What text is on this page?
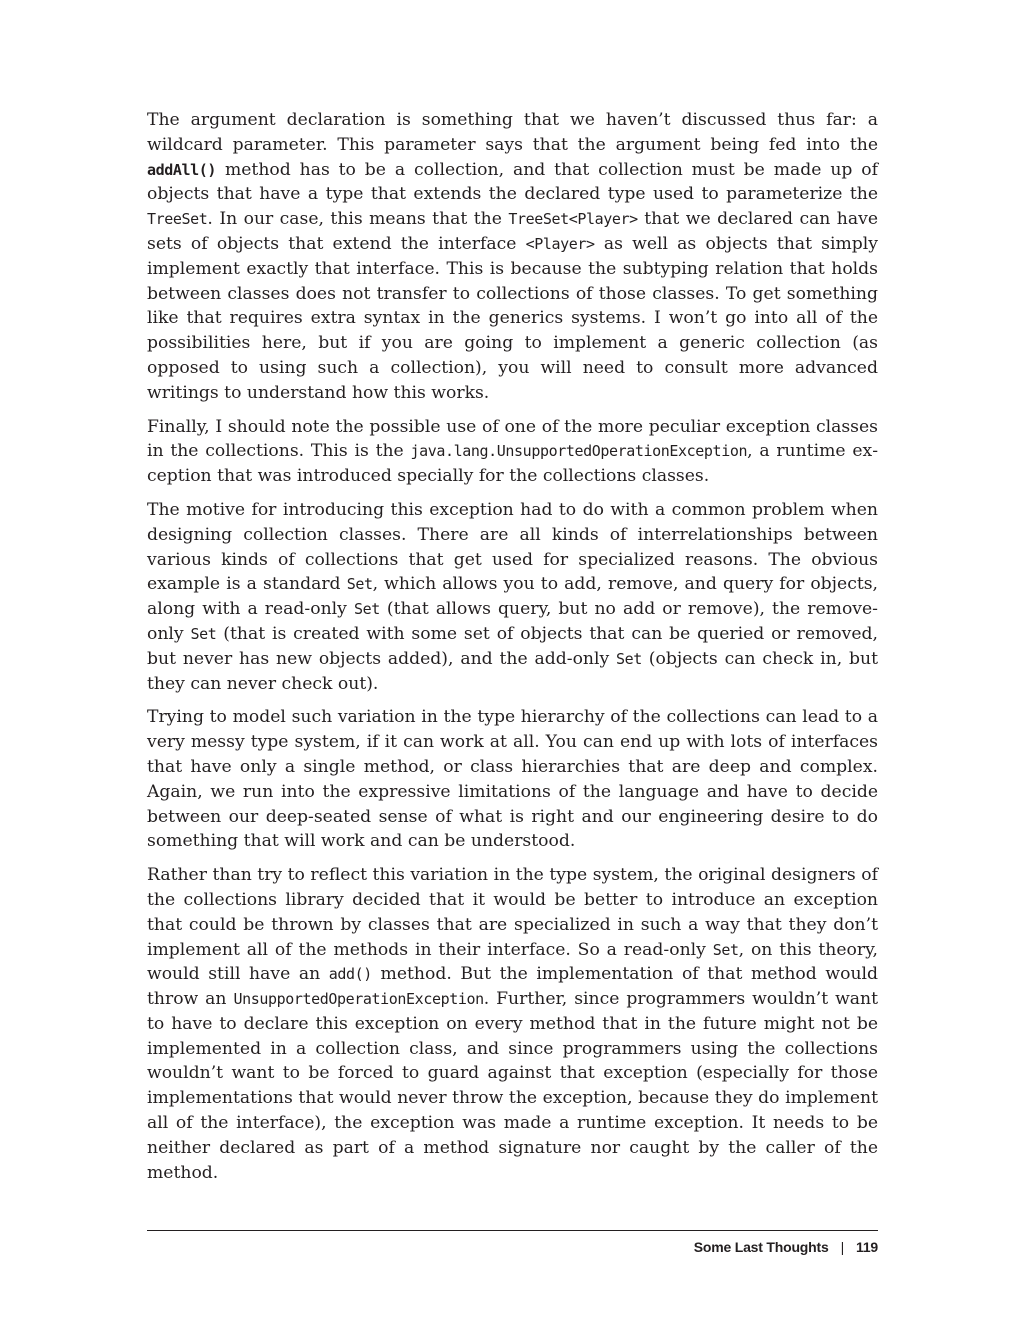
The argument declaration is something that we haven’t discussed thus far: a wildcard parameter. This parameter says that the argument being fed into the addAll() method has to be a collection, and that collection must be made up of objects that have a type that extends the declared type used to parameterize the TreeSet. In our case, this means that the TreeSet<Player> that we declared can have sets of objects that extend the interface <Player> as well as objects that simply implement exactly that interface. This is because the subtyping relation that holds between classes does not transfer to collections of those classes. To get something like that requires extra syntax in the generics systems. I won’t go into all of the possibilities here, but if you are going to implement a generic collection (as opposed to using such a collection), you will need to consult more advanced writings to understand how this works.

Finally, I should note the possible use of one of the more peculiar exception classes in the collections. This is the java.lang.UnsupportedOperationException, a runtime exception that was introduced specially for the collections classes.

The motive for introducing this exception had to do with a common problem when designing collection classes. There are all kinds of interrelationships between various kinds of collections that get used for specialized reasons. The obvious example is a standard Set, which allows you to add, remove, and query for objects, along with a read-only Set (that allows query, but no add or remove), the remove-only Set (that is created with some set of objects that can be queried or removed, but never has new objects added), and the add-only Set (objects can check in, but they can never check out).

Trying to model such variation in the type hierarchy of the collections can lead to a very messy type system, if it can work at all. You can end up with lots of interfaces that have only a single method, or class hierarchies that are deep and complex. Again, we run into the expressive limitations of the language and have to decide between our deep-seated sense of what is right and our engineering desire to do something that will work and can be understood.

Rather than try to reflect this variation in the type system, the original designers of the collections library decided that it would be better to introduce an exception that could be thrown by classes that are specialized in such a way that they don’t implement all of the methods in their interface. So a read-only Set, on this theory, would still have an add() method. But the implementation of that method would throw an UnsupportedOperationException. Further, since programmers wouldn’t want to have to declare this exception on every method that in the future might not be implemented in a collection class, and since programmers using the collections wouldn’t want to be forced to guard against that exception (especially for those implementations that would never throw the exception, because they do implement all of the interface), the exception was made a runtime exception. It needs to be neither declared as part of a method signature nor caught by the caller of the method.

Some Last Thoughts | 119
